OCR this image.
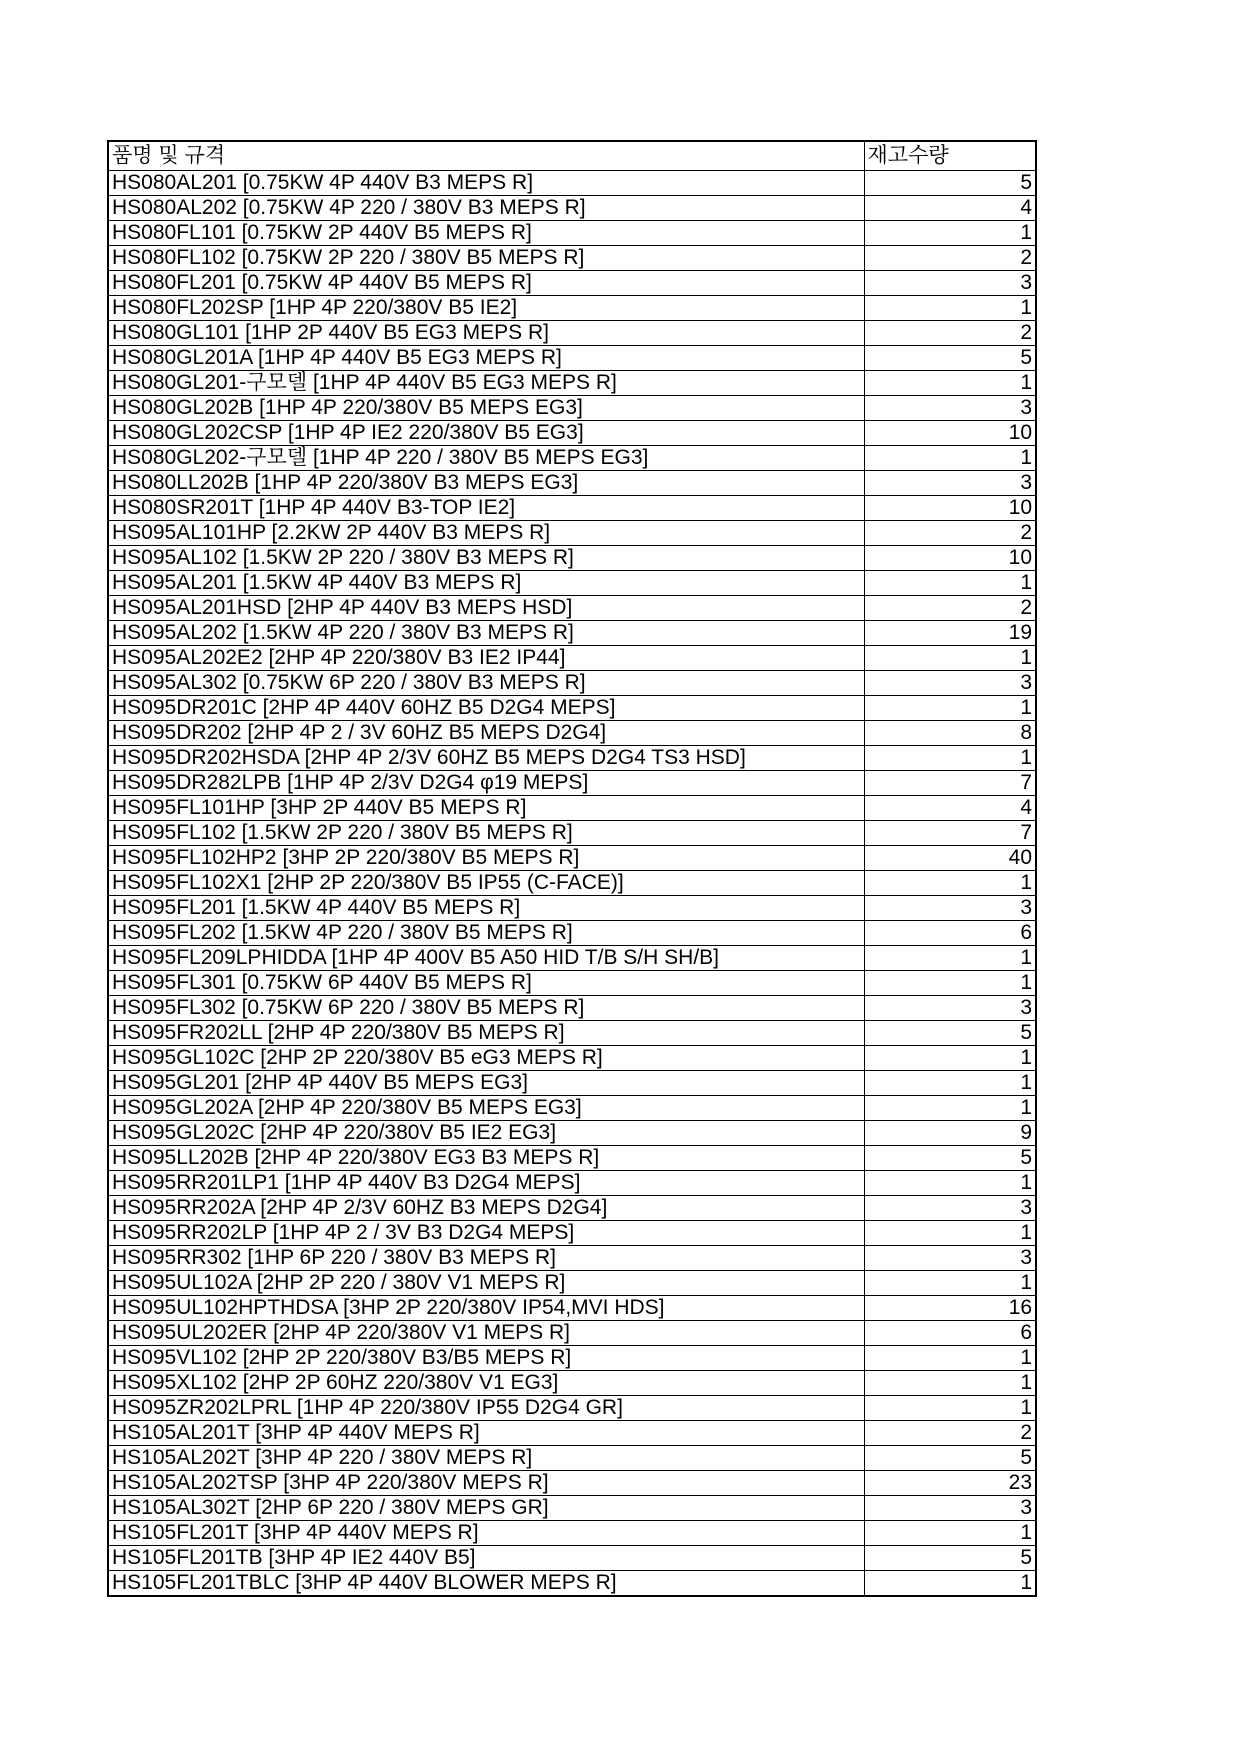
품명 및 규격	재고수량
HS080AL201 [0.75KW 4P 440V B3 MEPS R]	5
HS080AL202 [0.75KW 4P 220 / 380V B3 MEPS R]	4
HS080FL101 [0.75KW 2P 440V B5 MEPS R]	1
HS080FL102 [0.75KW 2P 220 / 380V B5 MEPS R]	2
HS080FL201 [0.75KW 4P 440V B5 MEPS R]	3
HS080FL202SP [1HP 4P 220/380V B5 IE2]	1
HS080GL101 [1HP 2P 440V B5 EG3 MEPS R]	2
HS080GL201A [1HP 4P 440V B5 EG3 MEPS R]	5
HS080GL201-구모델 [1HP 4P 440V B5 EG3 MEPS R]	1
HS080GL202B [1HP 4P 220/380V B5 MEPS EG3]	3
HS080GL202CSP [1HP 4P IE2 220/380V B5 EG3]	10
HS080GL202-구모델 [1HP 4P 220 / 380V B5 MEPS EG3]	1
HS080LL202B [1HP 4P 220/380V B3 MEPS EG3]	3
HS080SR201T [1HP 4P 440V B3-TOP IE2]	10
HS095AL101HP [2.2KW 2P 440V B3 MEPS R]	2
HS095AL102 [1.5KW 2P 220 / 380V B3 MEPS R]	10
HS095AL201 [1.5KW 4P 440V B3 MEPS R]	1
HS095AL201HSD [2HP 4P 440V B3 MEPS HSD]	2
HS095AL202 [1.5KW 4P 220 / 380V B3 MEPS R]	19
HS095AL202E2 [2HP 4P 220/380V B3 IE2 IP44]	1
HS095AL302 [0.75KW 6P 220 / 380V B3 MEPS R]	3
HS095DR201C [2HP 4P 440V 60HZ B5 D2G4 MEPS]	1
HS095DR202 [2HP 4P 2 / 3V 60HZ B5 MEPS D2G4]	8
HS095DR202HSDA [2HP 4P 2/3V 60HZ B5 MEPS D2G4 TS3 HSD]	1
HS095DR282LPB [1HP 4P 2/3V D2G4 φ19 MEPS]	7
HS095FL101HP [3HP 2P 440V B5 MEPS R]	4
HS095FL102 [1.5KW 2P 220 / 380V B5 MEPS R]	7
HS095FL102HP2 [3HP 2P 220/380V B5 MEPS R]	40
HS095FL102X1 [2HP 2P 220/380V B5 IP55 (C-FACE)]	1
HS095FL201 [1.5KW 4P 440V B5 MEPS R]	3
HS095FL202 [1.5KW 4P 220 / 380V B5 MEPS R]	6
HS095FL209LPHIDDA [1HP 4P 400V B5 A50 HID T/B S/H SH/B]	1
HS095FL301 [0.75KW 6P 440V B5 MEPS R]	1
HS095FL302 [0.75KW 6P 220 / 380V B5 MEPS R]	3
HS095FR202LL [2HP 4P 220/380V B5 MEPS R]	5
HS095GL102C [2HP 2P 220/380V B5 eG3 MEPS R]	1
HS095GL201 [2HP 4P 440V B5 MEPS EG3]	1
HS095GL202A [2HP 4P 220/380V B5 MEPS EG3]	1
HS095GL202C [2HP 4P 220/380V B5 IE2 EG3]	9
HS095LL202B [2HP 4P 220/380V EG3 B3 MEPS R]	5
HS095RR201LP1 [1HP 4P 440V B3 D2G4 MEPS]	1
HS095RR202A [2HP 4P 2/3V 60HZ B3 MEPS D2G4]	3
HS095RR202LP [1HP 4P 2 / 3V B3 D2G4 MEPS]	1
HS095RR302 [1HP 6P 220 / 380V B3 MEPS R]	3
HS095UL102A [2HP 2P 220 / 380V V1 MEPS R]	1
HS095UL102HPTHDSA [3HP 2P 220/380V IP54,MVI HDS]	16
HS095UL202ER [2HP 4P 220/380V V1 MEPS R]	6
HS095VL102 [2HP 2P 220/380V B3/B5 MEPS R]	1
HS095XL102 [2HP 2P 60HZ 220/380V V1 EG3]	1
HS095ZR202LPRL [1HP 4P 220/380V IP55 D2G4 GR]	1
HS105AL201T [3HP 4P 440V MEPS R]	2
HS105AL202T [3HP 4P 220 / 380V MEPS R]	5
HS105AL202TSP [3HP 4P 220/380V MEPS R]	23
HS105AL302T [2HP 6P 220 / 380V MEPS GR]	3
HS105FL201T [3HP 4P 440V MEPS R]	1
HS105FL201TB [3HP 4P IE2 440V B5]	5
HS105FL201TBLC [3HP 4P 440V BLOWER MEPS R]	1
